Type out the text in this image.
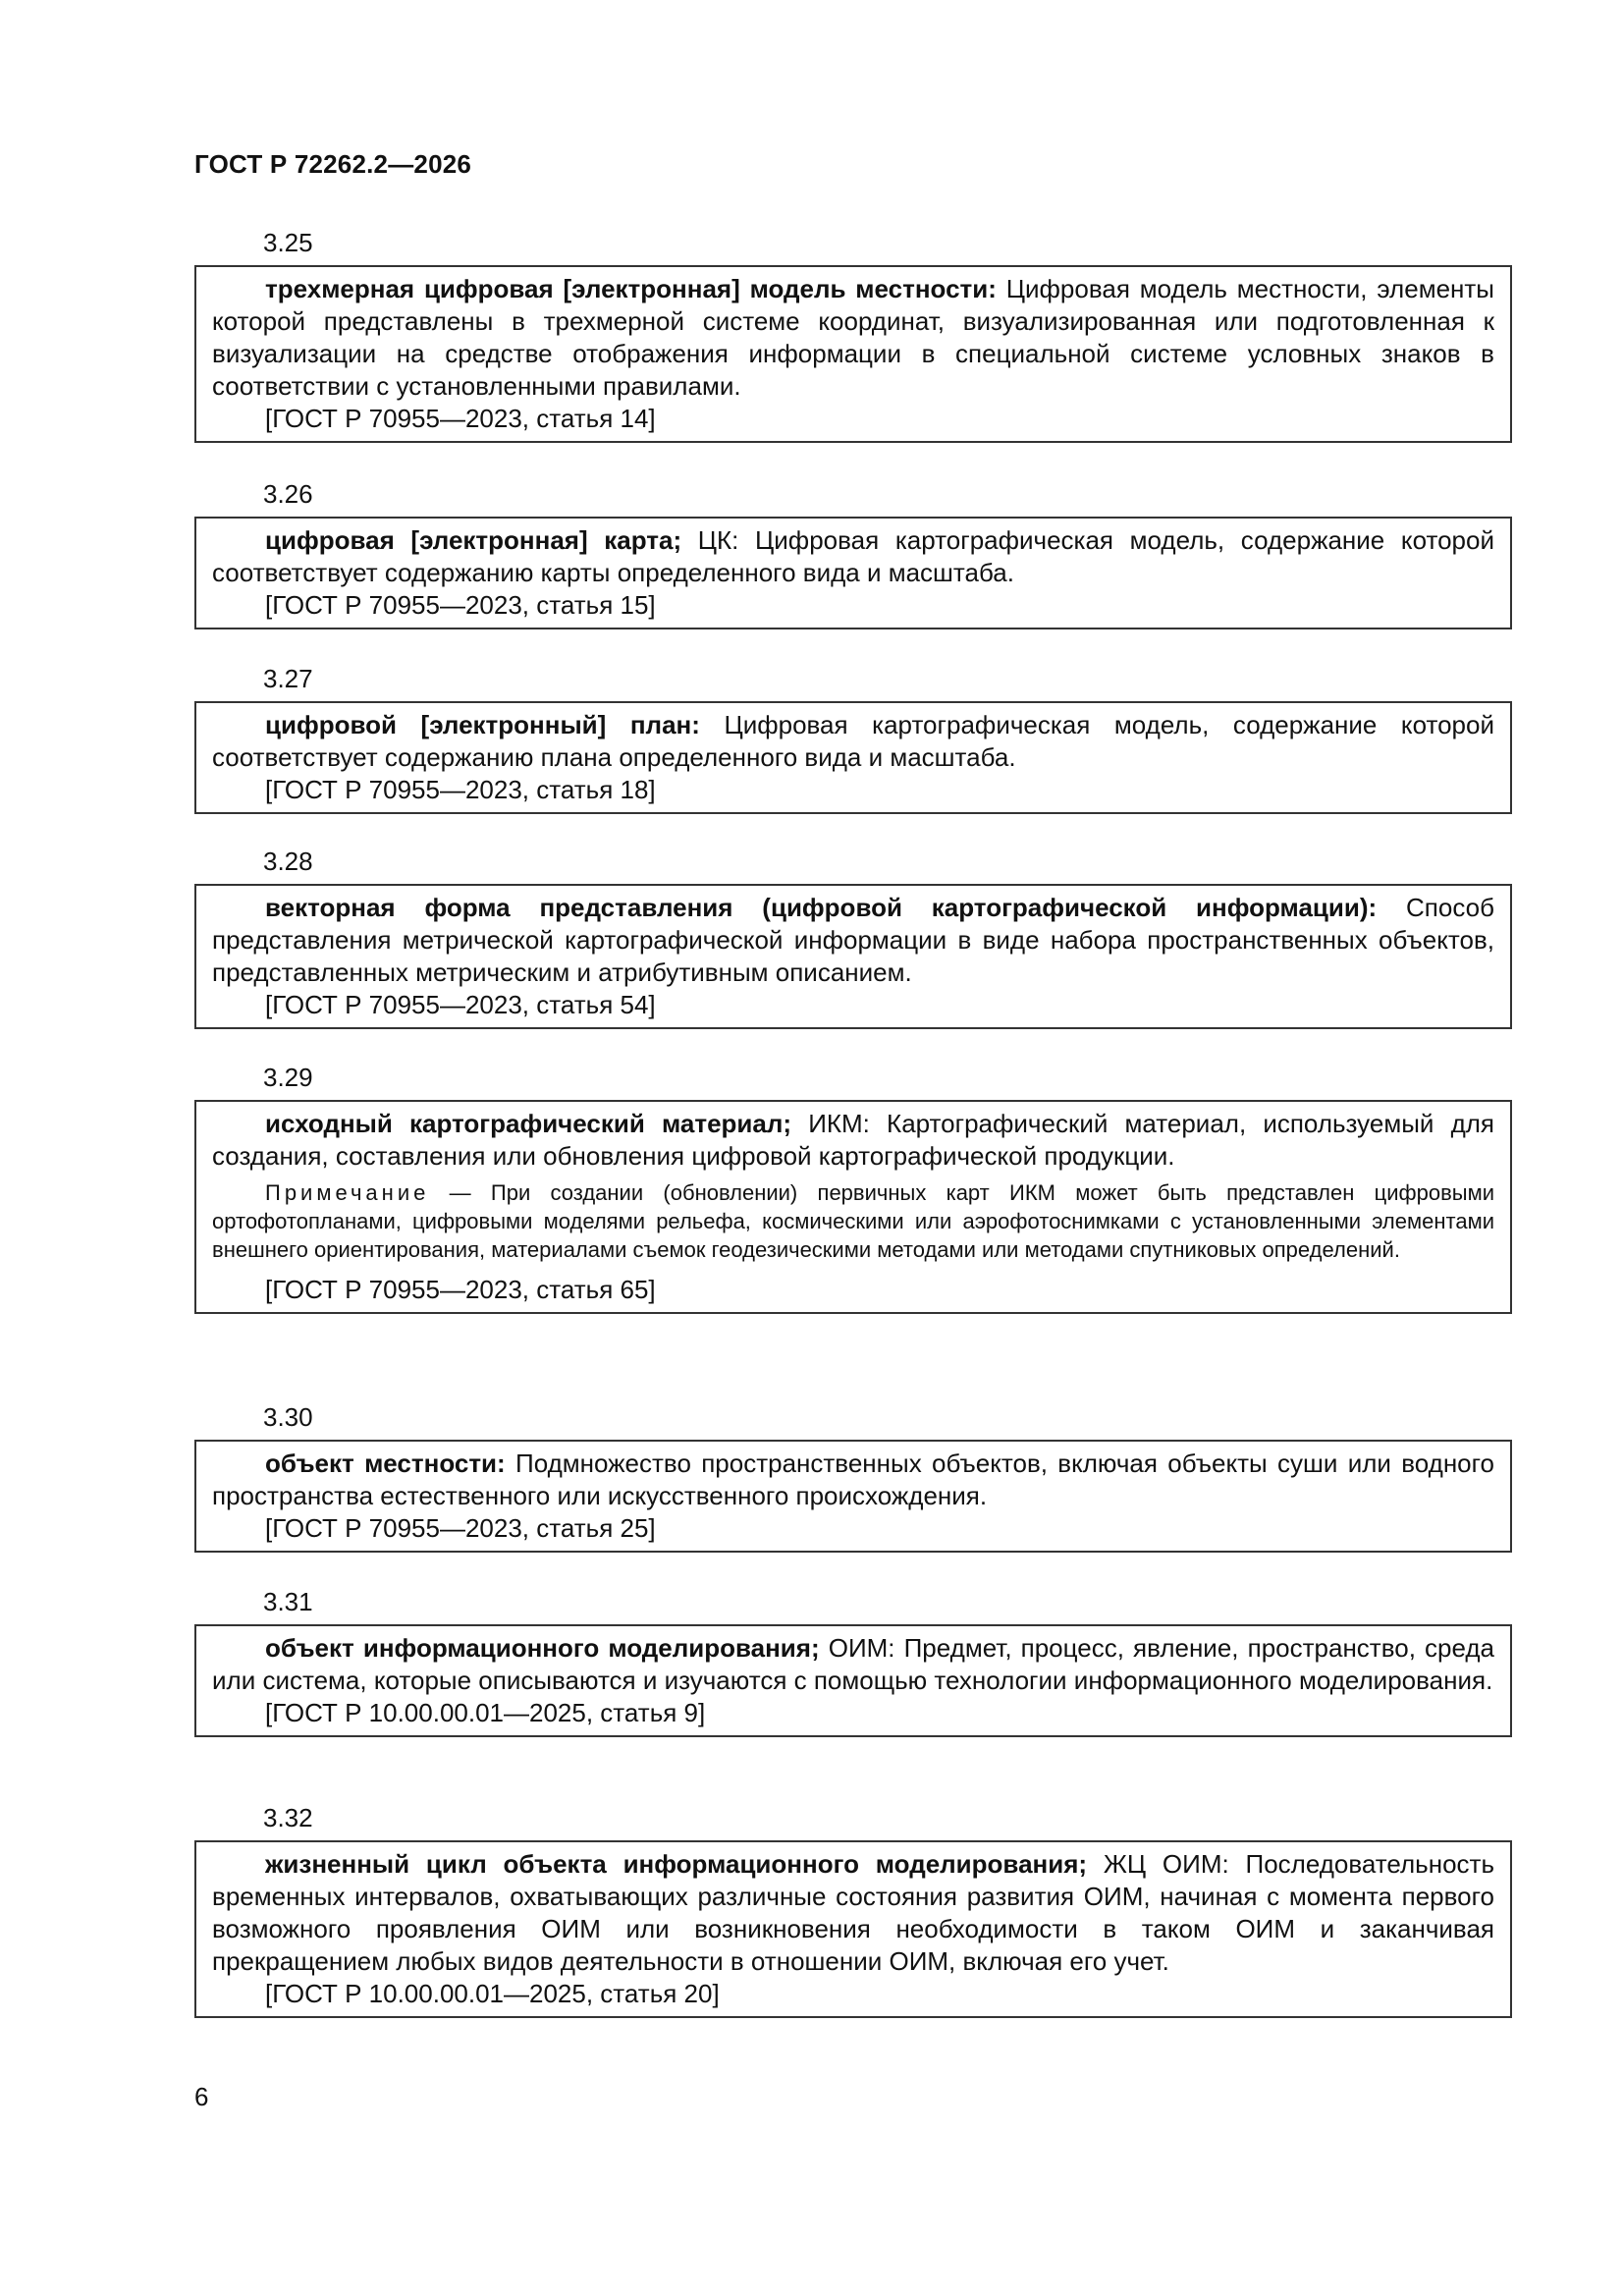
ГОСТ Р 72262.2—2026
3.25

трехмерная цифровая [электронная] модель местности: Цифровая модель местности, элементы которой представлены в трехмерной системе координат, визуализированная или подготовленная к визуализации на средстве отображения информации в специальной системе условных знаков в соответствии с установленными правилами.

[ГОСТ Р 70955—2023, статья 14]

3.26

цифровая [электронная] карта; ЦК: Цифровая картографическая модель, содержание которой соответствует содержанию карты определенного вида и масштаба.

[ГОСТ Р 70955—2023, статья 15]

3.27

цифровой [электронный] план: Цифровая картографическая модель, содержание которой соответствует содержанию плана определенного вида и масштаба.

[ГОСТ Р 70955—2023, статья 18]

3.28

векторная форма представления (цифровой картографической информации): Способ представления метрической картографической информации в виде набора пространственных объектов, представленных метрическим и атрибутивным описанием.

[ГОСТ Р 70955—2023, статья 54]

3.29

исходный картографический материал; ИКМ: Картографический материал, используемый для создания, составления или обновления цифровой картографической продукции.

Примечание — При создании (обновлении) первичных карт ИКМ может быть представлен цифровыми ортофотопланами, цифровыми моделями рельефа, космическими или аэрофотоснимками с установленными элементами внешнего ориентирования, материалами съемок геодезическими методами или методами спутниковых определений.

[ГОСТ Р 70955—2023, статья 65]

3.30

объект местности: Подмножество пространственных объектов, включая объекты суши или водного пространства естественного или искусственного происхождения.

[ГОСТ Р 70955—2023, статья 25]

3.31

объект информационного моделирования; ОИМ: Предмет, процесс, явление, пространство, среда или система, которые описываются и изучаются с помощью технологии информационного моделирования.

[ГОСТ Р 10.00.00.01—2025, статья 9]

3.32

жизненный цикл объекта информационного моделирования; ЖЦ ОИМ: Последовательность временных интервалов, охватывающих различные состояния развития ОИМ, начиная с момента первого возможного проявления ОИМ или возникновения необходимости в таком ОИМ и заканчивая прекращением любых видов деятельности в отношении ОИМ, включая его учет.

[ГОСТ Р 10.00.00.01—2025, статья 20]

6
